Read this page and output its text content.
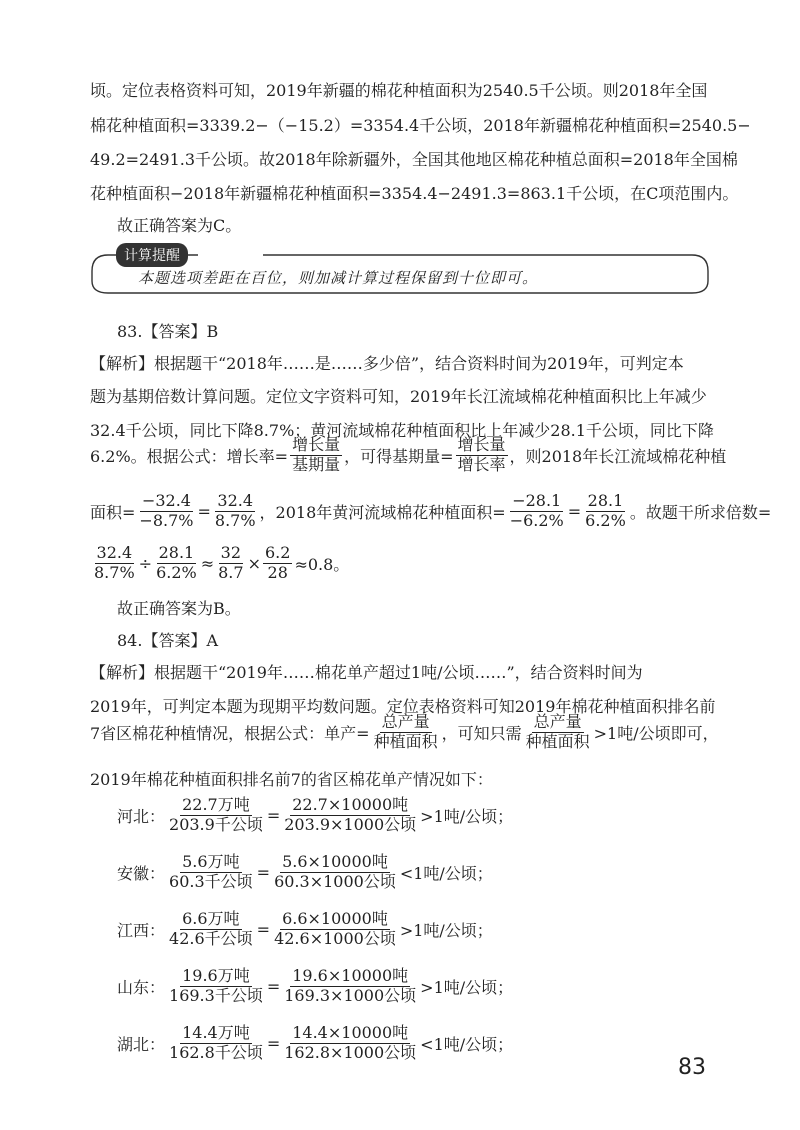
顷。定位表格资料可知，2019年新疆的棉花种植面积为2540.5千公顷。则2018年全国
棉花种植面积=3339.2−（−15.2）=3354.4千公顷，2018年新疆棉花种植面积=2540.5−
49.2=2491.3千公顷。故2018年除新疆外，全国其他地区棉花种植总面积=2018年全国棉
花种植面积−2018年新疆棉花种植面积=3354.4−2491.3=863.1千公顷，在C项范围内。
故正确答案为C。
计算提醒
本题选项差距在百位，则加减计算过程保留到十位即可。
83.【答案】B
【解析】根据题干“2018年……是……多少倍”，结合资料时间为2019年，可判定本
题为基期倍数计算问题。定位文字资料可知，2019年长江流域棉花种植面积比上年减少
32.4千公顷，同比下降8.7%；黄河流域棉花种植面积比上年减少28.1千公顷，同比下降
6.2%。根据公式：增长率= $\frac{\text{增长量}}{\text{基期量}}$ ，可得基期量= $\frac{\text{增长量}}{\text{增长率}}$ ，则2018年长江流域棉花种植
面积= $\frac{-32.4}{-8.7\%} = \frac{32.4}{8.7\%}$ ，2018年黄河流域棉花种植面积= $\frac{-28.1}{-6.2\%} = \frac{28.1}{6.2\%}$ 。故题干所求倍数=
$\frac{32.4}{8.7\%} \div \frac{28.1}{6.2\%} \approx \frac{32}{8.7} \times \frac{6.2}{28} \approx 0.8$。
故正确答案为B。
84.【答案】A
【解析】根据题干“2019年……棉花单产超过1吨/公顷……”，结合资料时间为
2019年，可判定本题为现期平均数问题。定位表格资料可知2019年棉花种植面积排名前
7省区棉花种植情况，根据公式：单产= $\frac{\text{总产量}}{\text{种植面积}}$ ，可知只需 $\frac{\text{总产量}}{\text{种植面积}} >1$吨/公顷即可，
2019年棉花种植面积排名前7的省区棉花单产情况如下：
河北： $\frac{\text{22.7万吨}}{\text{203.9千公顷}} = \frac{\text{22.7×10000吨}}{\text{203.9×1000公顷}} >1$吨/公顷；
安徽： $\frac{\text{5.6万吨}}{\text{60.3千公顷}} = \frac{\text{5.6×10000吨}}{\text{60.3×1000公顷}} <1$吨/公顷；
江西： $\frac{\text{6.6万吨}}{\text{42.6千公顷}} = \frac{\text{6.6×10000吨}}{\text{42.6×1000公顷}} >1$吨/公顷；
山东： $\frac{\text{19.6万吨}}{\text{169.3千公顷}} = \frac{\text{19.6×10000吨}}{\text{169.3×1000公顷}} >1$吨/公顷；
湖北： $\frac{\text{14.4万吨}}{\text{162.8千公顷}} = \frac{\text{14.4×10000吨}}{\text{162.8×1000公顷}} <1$吨/公顷；
83
